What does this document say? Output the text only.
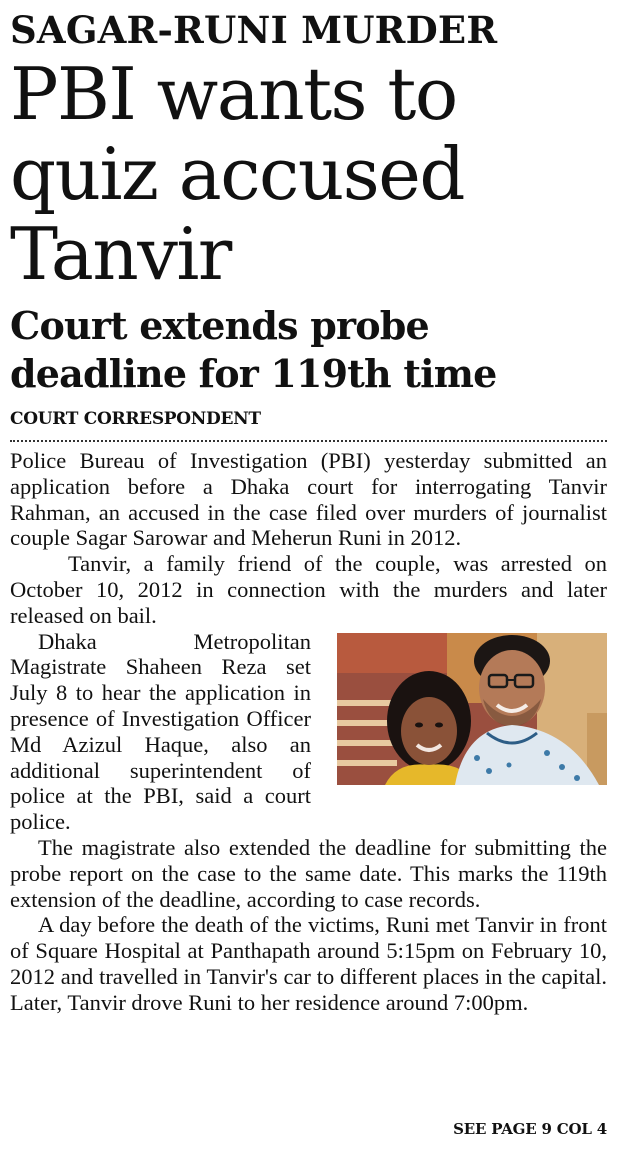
SAGAR-RUNI MURDER
PBI wants to quiz accused Tanvir
Court extends probe deadline for 119th time
COURT CORRESPONDENT

Police Bureau of Investigation (PBI) yesterday submitted an application before a Dhaka court for interrogating Tanvir Rahman, an accused in the case filed over murders of journalist couple Sagar Sarowar and Meherun Runi in 2012.

Tanvir, a family friend of the couple, was arrested on October 10, 2012 in connection with the murders and later released on bail.

Dhaka Metropolitan Magistrate Shaheen Reza set July 8 to hear the application in presence of Investigation Officer Md Azizul Haque, also an additional superintendent of police at the PBI, said a court police.

The magistrate also extended the deadline for submitting the probe report on the case to the same date. This marks the 119th extension of the deadline, according to case records.

A day before the death of the victims, Runi met Tanvir in front of Square Hospital at Panthapath around 5:15pm on February 10, 2012 and travelled in Tanvir's car to different places in the capital. Later, Tanvir drove Runi to her residence around 7:00pm.

SEE PAGE 9 COL 4
